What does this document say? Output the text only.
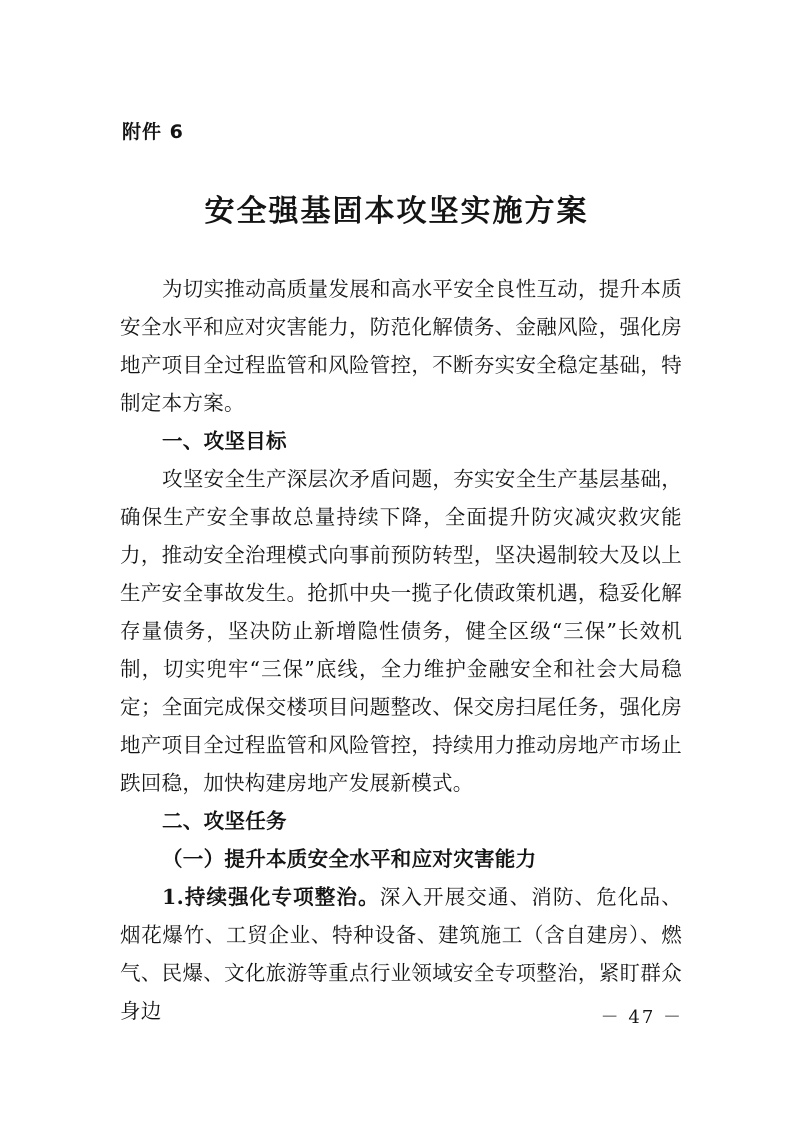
附件 6
安全强基固本攻坚实施方案

为切实推动高质量发展和高水平安全良性互动，提升本质安全水平和应对灾害能力，防范化解债务、金融风险，强化房地产项目全过程监管和风险管控，不断夯实安全稳定基础，特制定本方案。

一、攻坚目标

攻坚安全生产深层次矛盾问题，夯实安全生产基层基础，确保生产安全事故总量持续下降，全面提升防灾减灾救灾能力，推动安全治理模式向事前预防转型，坚决遏制较大及以上生产安全事故发生。抢抓中央一揽子化债政策机遇，稳妥化解存量债务，坚决防止新增隐性债务，健全区级“三保”长效机制，切实兜牢“三保”底线，全力维护金融安全和社会大局稳定；全面完成保交楼项目问题整改、保交房扫尾任务，强化房地产项目全过程监管和风险管控，持续用力推动房地产市场止跌回稳，加快构建房地产发展新模式。

二、攻坚任务

（一）提升本质安全水平和应对灾害能力

1.持续强化专项整治。深入开展交通、消防、危化品、烟花爆竹、工贸企业、特种设备、建筑施工（含自建房）、燃气、民爆、文化旅游等重点行业领域安全专项整治，紧盯群众身边	－ 47 －
